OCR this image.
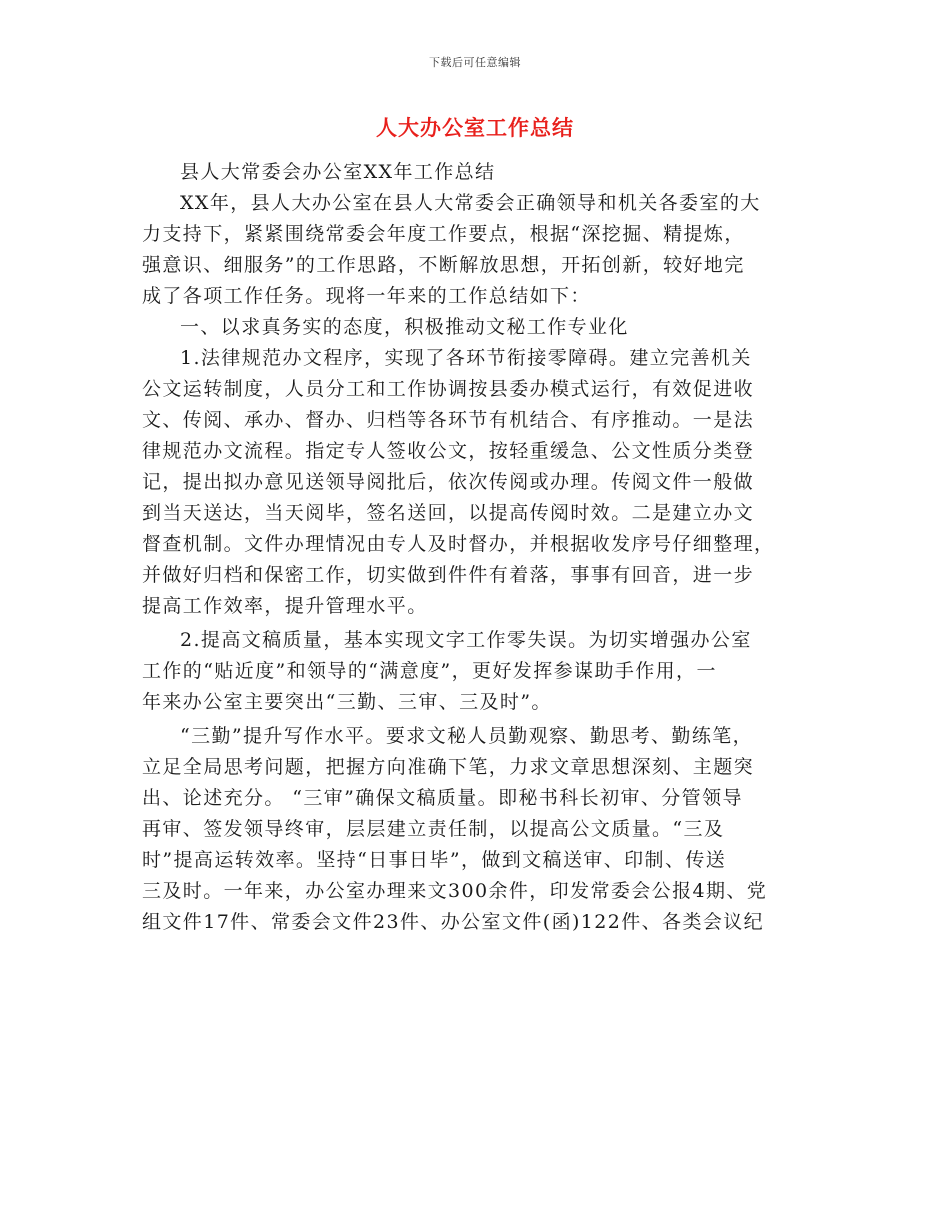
下载后可任意编辑
人大办公室工作总结

县人大常委会办公室XX年工作总结

XX年，县人大办公室在县人大常委会正确领导和机关各委室的大
力支持下，紧紧围绕常委会年度工作要点，根据“深挖掘、精提炼，
强意识、细服务”的工作思路，不断解放思想，开拓创新，较好地完
成了各项工作任务。现将一年来的工作总结如下：

一、以求真务实的态度，积极推动文秘工作专业化

1.法律规范办文程序，实现了各环节衔接零障碍。建立完善机关
公文运转制度，人员分工和工作协调按县委办模式运行，有效促进收
文、传阅、承办、督办、归档等各环节有机结合、有序推动。一是法
律规范办文流程。指定专人签收公文，按轻重缓急、公文性质分类登
记，提出拟办意见送领导阅批后，依次传阅或办理。传阅文件一般做
到当天送达，当天阅毕，签名送回，以提高传阅时效。二是建立办文
督查机制。文件办理情况由专人及时督办，并根据收发序号仔细整理，
并做好归档和保密工作，切实做到件件有着落，事事有回音，进一步
提高工作效率，提升管理水平。

2.提高文稿质量，基本实现文字工作零失误。为切实增强办公室
工作的“贴近度”和领导的“满意度”，更好发挥参谋助手作用，一
年来办公室主要突出“三勤、三审、三及时”。

“三勤”提升写作水平。要求文秘人员勤观察、勤思考、勤练笔，
立足全局思考问题，把握方向准确下笔，力求文章思想深刻、主题突
出、论述充分。 “三审”确保文稿质量。即秘书科长初审、分管领导
再审、签发领导终审，层层建立责任制，以提高公文质量。“三及
时”提高运转效率。坚持“日事日毕”，做到文稿送审、印制、传送
三及时。一年来，办公室办理来文300余件，印发常委会公报4期、党
组文件17件、常委会文件23件、办公室文件(函)122件、各类会议纪
